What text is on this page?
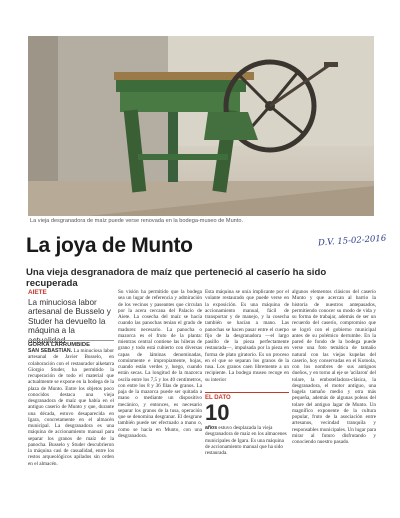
La vieja desgranadora de maíz puede verse renovada en la bodega-museo de Munto.
La joya de Munto	D.V. 15-02-2016
Una vieja desgranadora de maíz que perteneció al caserío ha sido recuperada
AIETE
La minuciosa labor artesanal de Busselo y Studer ha devuelto la máquina a la actualidad
GORKA LARRUMBIDE
SAN SEBASTIÁN. La minuciosa labor artesanal de Javier Busselo, en colaboración con el restaurador aiketarra Giorgio Studer, ha permitido la recuperación de todo el material que actualmente se expone en la bodega de la plaza de Munto. Entre los objetos poco conocidos destaca una vieja desgranadora de maíz que había en el antiguo caserío de Munto y que, durante una década, estuvo desaparecida en Igara, concretamente en el almacén municipal. La desgranadora es una máquina de accionamiento manual para separar los granos de maíz de la panocha. Busselo y Studer descubrieron la máquina casi de casualidad, entre los restos arqueológicos apilados sin orden en el almacén.
Su visión ha permitido que la bodega sea un lugar de referencia y admiración de los vecinos y paseantes que circulan por la acera cercana del Palacio de Aiete. La cosecha del maíz se hacía cuando las panochas tenían el grado de madurez necesario. La panocha o mazorca es el fruto de la planta: mientras central contiene las hileras de grano y todo está cubierto con diversas capas de láminas denominadas, comúnmente e impropiamente, hojas, cuando están verdes y, luego, cuando están secas. La longitud de la mazorca oscila entre los 7,5 y los 40 centímetros, con entre los 8 y 36 filas de granos. La paja de la mazorca puede ser quitada a mano o mediante un dispositivo mecánico, y entonces, es necesario separar los granos de la tusa, operación que se denomina desgranar. El desgrane también puede ser efectuado a mano o, como se hacía en Munto, con una desgranadora.
Esta máquina se unía implicante por el volante restaurado que puede verse en la exposición. Es una máquina de accionamiento manual, fácil de transportar y de manejo, y la cosecha también se hacían a mano. Las panochas se hacen pasar entre el cuerpo fijo de la desgranadora —el largo pasillo de la pieza perfectamente restaurada—, impulsada por la pieza en forma de plato giratorio. Es un proceso en el que se separan los granos de la tusa. Los granos caen libremente a un recipiente. La bodega museo recoge en su interior
EL DATO
10
años estuvo desplazada la vieja desgranadora de maíz en los almacenes municipales de Igara. Es una máquina de accionamiento manual que ha sido restaurada.
algunos elementos clásicos del caserío Munto y que acercan al barrio la historia de nuestros antepasados, permitiendo conocer su modo de vida y su forma de trabajar, además de ser un recuerdo del caserío, compromiso que se logró con el gobierno municipal antes de su polémico derrumbe. En la pared de fondo de la bodega puede verse una foto temática de tamaño natural con las viejas kupelas del caserío, hoy conservadas en el Kotoola, con los nombres de sus antiguos dueños, y en torno al eje se 'acilaron' del tolare, la embotelladora-clásica, la desgranadora, el motor antiguo, una bagela tamaño medio y otra más pequeña, además de algunas poleas del tolare del antiguo lagar de Munto. Un magnífico exponente de la cultura popular, fruto de la asociación entre artesanos, vecindad tranquila y responsables municipales. Un lugar para mirar al futuro disfrutando y conociendo nuestro pasado.
